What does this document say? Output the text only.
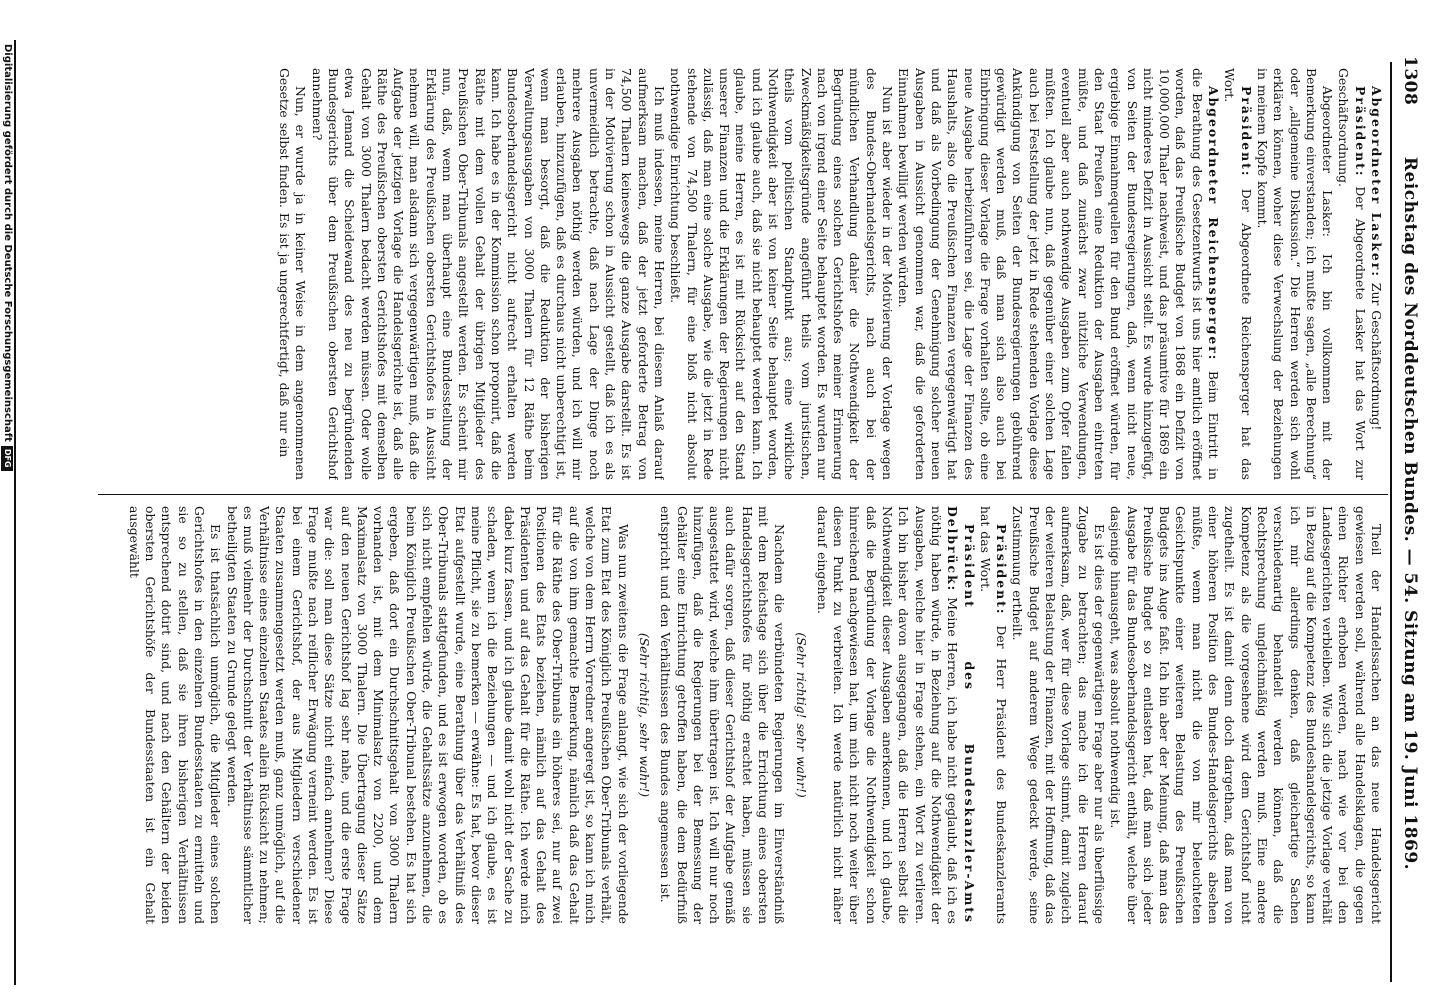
1308
Reichstag des Norddeutschen Bundes. — 54. Sitzung am 19. Juni 1869.

Abgeordneter Lasker: Zur Geschäftsordnung!

Präsident: Der Abgeordnete Lasker hat das Wort zur Geschäftsordnung.

Abgeordneter Lasker: Ich bin vollkommen mit der Bemerkung einverstanden; ich mußte sagen, „alle Berechnung“ oder „allgemeine Diskussion.“ Die Herren werden sich wohl erklären können, woher diese Verwechslung der Beziehungen in meinem Kopfe kommt.

Präsident: Der Abgeordnete Reichensperger hat das Wort.

Abgeordneter Reichensperger: Beim Eintritt in die Berathung des Gesetzentwurfs ist uns hier amtlich eröffnet worden, daß das Preußische Budget von 1868 ein Defizit von 10,000,000 Thaler nachweist, und das präsumtive für 1869 ein nicht minderes Defizit in Aussicht stellt. Es wurde hinzugefügt, von Seiten der Bundesregierungen, daß, wenn nicht neue, ergiebige Einnahmequellen für den Bund eröffnet würden, für den Staat Preußen eine Reduktion der Ausgaben eintreten müßte, und daß zunächst zwar nützliche Verwendungen, eventuell aber auch nothwendige Ausgaben zum Opfer fallen müßten. Ich glaube nun, daß gegenüber einer solchen Lage auch bei Feststellung der jetzt in Rede stehenden Vorlage diese Ankündigung von Seiten der Bundesregierungen gebührend gewürdigt werden muß, daß man sich also auch bei Einbringung dieser Vorlage die Frage vorhalten sollte, ob eine neue Ausgabe herbeizuführen sei, die Lage der Finanzen des Haushalts, also die Preußischen Finanzen vergegenwärtigt hat und daß als Vorbedingung der Genehmigung solcher neuen Ausgaben in Aussicht genommen war, daß die geforderten Einnahmen bewilligt werden würden.

Nun ist aber wieder in der Motivierung der Vorlage wegen des Bundes-Oberhandelsgerichts, nach auch bei der mündlichen Verhandlung dahier die Nothwendigkeit der Begründung eines solchen Gerichtshofes meiner Erinnerung nach von irgend einer Seite behauptet worden. Es wurden nur Zweckmäßigkeitsgründe angeführt theils vom juristischen, theils vom politischen Standpunkt aus; eine wirkliche Nothwendigkeit aber ist von keiner Seite behauptet worden, und ich glaube auch, daß sie nicht behauptet werden kann. Ich glaube, meine Herren, es ist mit Rücksicht auf den Stand unserer Finanzen und die Erklärungen der Regierungen nicht zulässig, daß man eine solche Ausgabe, wie die jetzt in Rede stehende von 74,500 Thalern, für eine bloß nicht absolut nothwendige Einrichtung beschließt.

Ich muß indessen, meine Herren, bei diesem Anlaß darauf aufmerksam machen, daß der jetzt geforderte Betrag von 74,500 Thalern keineswegs die ganze Ausgabe darstellt. Es ist in der Motivierung schon in Aussicht gestellt, daß ich es als unvermeidlich betrachte, daß nach Lage der Dinge noch mehrere Ausgaben nöthig werden würden, und ich will mir erlauben, hinzuzufügen, daß es durchaus nicht unberechtigt ist, wenn man besorgt, daß die Reduktion der bisherigen Verwaltungsausgaben von 3000 Thalern für 12 Räthe beim Bundesoberhandelsgericht nicht aufrecht erhalten werden kann. Ich habe es in der Kommission schon proponirt, daß die Räthe mit dem vollen Gehalt der übrigen Mitglieder des Preußischen Ober-Tribunals angestellt werden. Es scheint mir nun, daß, wenn man überhaupt eine Bundesstellung der Erklärung des Preußischen obersten Gerichtshofes in Aussicht nehmen will, man alsdann sich vergegenwärtigen muß, daß die Aufgabe der jetzigen Vorlage die Handelsgerichte ist, daß alle Räthe des Preußischen obersten Gerichtshofes mit demselben Gehalt von 3000 Thalern bedacht werden müssen. Oder wolle etwa Jemand die Scheidewand des neu zu begründenden Bundesgerichts über dem Preußischen obersten Gerichtshof annehmen?

Nun, er wurde ja in keiner Weise in dem angenommenen Gesetze selbst finden. Es ist ja ungerechtfertigt, daß nur ein

Theil der Handelssachen an das neue Handelsgericht gewiesen werden soll, während alle Handelsklagen, die gegen einen Richter erhoben werden, nach wie vor bei den Landesgerichten verbleiben. Wie sich die jetzige Vorlage verhält in Bezug auf die Kompetenz des Bundeshandelsgerichts, so kann ich mir allerdings denken, daß gleichartige Sachen verschiedenartig behandelt werden können, daß die Rechtsprechung ungleichmäßig werden muß. Eine andere Kompetenz als die vorgesehene wird dem Gerichtshof nicht zugetheilt. Es ist damit denn doch dargethan, daß man von einer höheren Position des Bundes-Handelsgerichts absehen müßte, wenn man nicht die von mir beleuchteten Gesichtspunkte einer weiteren Belastung des Preußischen Budgets ins Auge faßt. Ich bin aber der Meinung, daß man das Preußische Budget so zu entlasten hat, daß man sich jeder Ausgabe für das Bundesoberhandelsgericht enthält, welche über dasjenige hinausgeht, was absolut nothwendig ist.

Es ist dies der gegenwärtigen Frage aber nur als überflüssige Zugabe zu betrachten; das mache ich die Herren darauf aufmerksam, daß, wer für diese Vorlage stimmt, damit zugleich der weiteren Belastung der Finanzen, mit der Hoffnung, daß das Preußische Budget auf anderem Wege gedeckt werde, seine Zustimmung ertheilt.

Präsident: Der Herr Präsident des Bundeskanzleramts hat das Wort.

Präsident des Bundeskanzler-Amts Delbrück: Meine Herren, ich habe nicht geglaubt, daß ich es nöthig haben würde, in Beziehung auf die Nothwendigkeit der Ausgaben, welche hier in Frage stehen, ein Wort zu verlieren. Ich bin bisher davon ausgegangen, daß die Herren selbst die Nothwendigkeit dieser Ausgaben anerkennen, und ich glaube, daß die Begründung der Vorlage die Nothwendigkeit schon hinreichend nachgewiesen hat, um mich nicht noch weiter über diesen Punkt zu verbreiten. Ich werde natürlich nicht näher darauf eingehen.

(Sehr richtig! sehr wahr!)

Nachdem die verbündeten Regierungen im Einverständniß mit dem Reichstage sich über die Errichtung eines obersten Handelsgerichtshofes für nöthig erachtet haben, müssen sie auch dafür sorgen, daß dieser Gerichtshof der Aufgabe gemäß ausgestattet wird, welche ihm übertragen ist. Ich will nur noch hinzufügen, daß die Regierungen bei der Bemessung der Gehälter eine Einrichtung getroffen haben, die dem Bedürfniß entspricht und den Verhältnissen des Bundes angemessen ist.

(Sehr richtig, sehr wahr!)

Was nun zweitens die Frage anlangt, wie sich der vorliegende Etat zum Etat des Königlich Preußischen Ober-Tribunals verhält, welche von dem Herrn Vorredner angeregt ist, so kann ich mich auf die von ihm gemachte Bemerkung, nämlich daß das Gehalt für die Räthe des Ober-Tribunals ein höheres sei, nur auf zwei Positionen des Etats beziehen, nämlich auf das Gehalt des Präsidenten und auf das Gehalt für die Räthe. Ich werde mich dabei kurz fassen, und ich glaube damit wohl nicht der Sache zu schaden, wenn ich die Beziehungen — und ich glaube, es ist meine Pflicht, sie zu bemerken — erwähne: Es hat, bevor dieser Etat aufgestellt wurde, eine Berathung über das Verhältniß des Ober-Tribunals stattgefunden, und es ist erwogen worden, ob es sich nicht empfehlen würde, die Gehaltssätze anzunehmen, die beim Königlich Preußischen Ober-Tribunal bestehen. Es hat sich ergeben, daß dort ein Durchschnittsgehalt von 3000 Thalern vorhanden ist, mit dem Minimalsatz von 2200, und dem Maximalsatz von 3000 Thalern. Die Übertragung dieser Sätze auf den neuen Gerichtshof lag sehr nahe, und die erste Frage war die: soll man diese Sätze nicht einfach annehmen? Diese Frage mußte nach reiflicher Erwägung verneint werden. Es ist bei einem Gerichtshof, der aus Mitgliedern verschiedener Staaten zusammengesetzt werden muß, ganz unmöglich, auf die Verhältnisse eines einzelnen Staates allein Rücksicht zu nehmen; es muß vielmehr der Durchschnitt der Verhältnisse sämmtlicher betheiligten Staaten zu Grunde gelegt werden.

Es ist thatsächlich unmöglich, die Mitglieder eines solchen Gerichtshofes in den einzelnen Bundesstaaten zu ermitteln und sie so zu stellen, daß sie ihren bisherigen Verhältnissen entsprechend dotirt sind, und nach den Gehältern der beiden obersten Gerichtshöfe der Bundesstaaten ist ein Gehalt ausgewählt

Digitalisierung gefördert durch die Deutsche ForschungsgemeinschaftDFG
